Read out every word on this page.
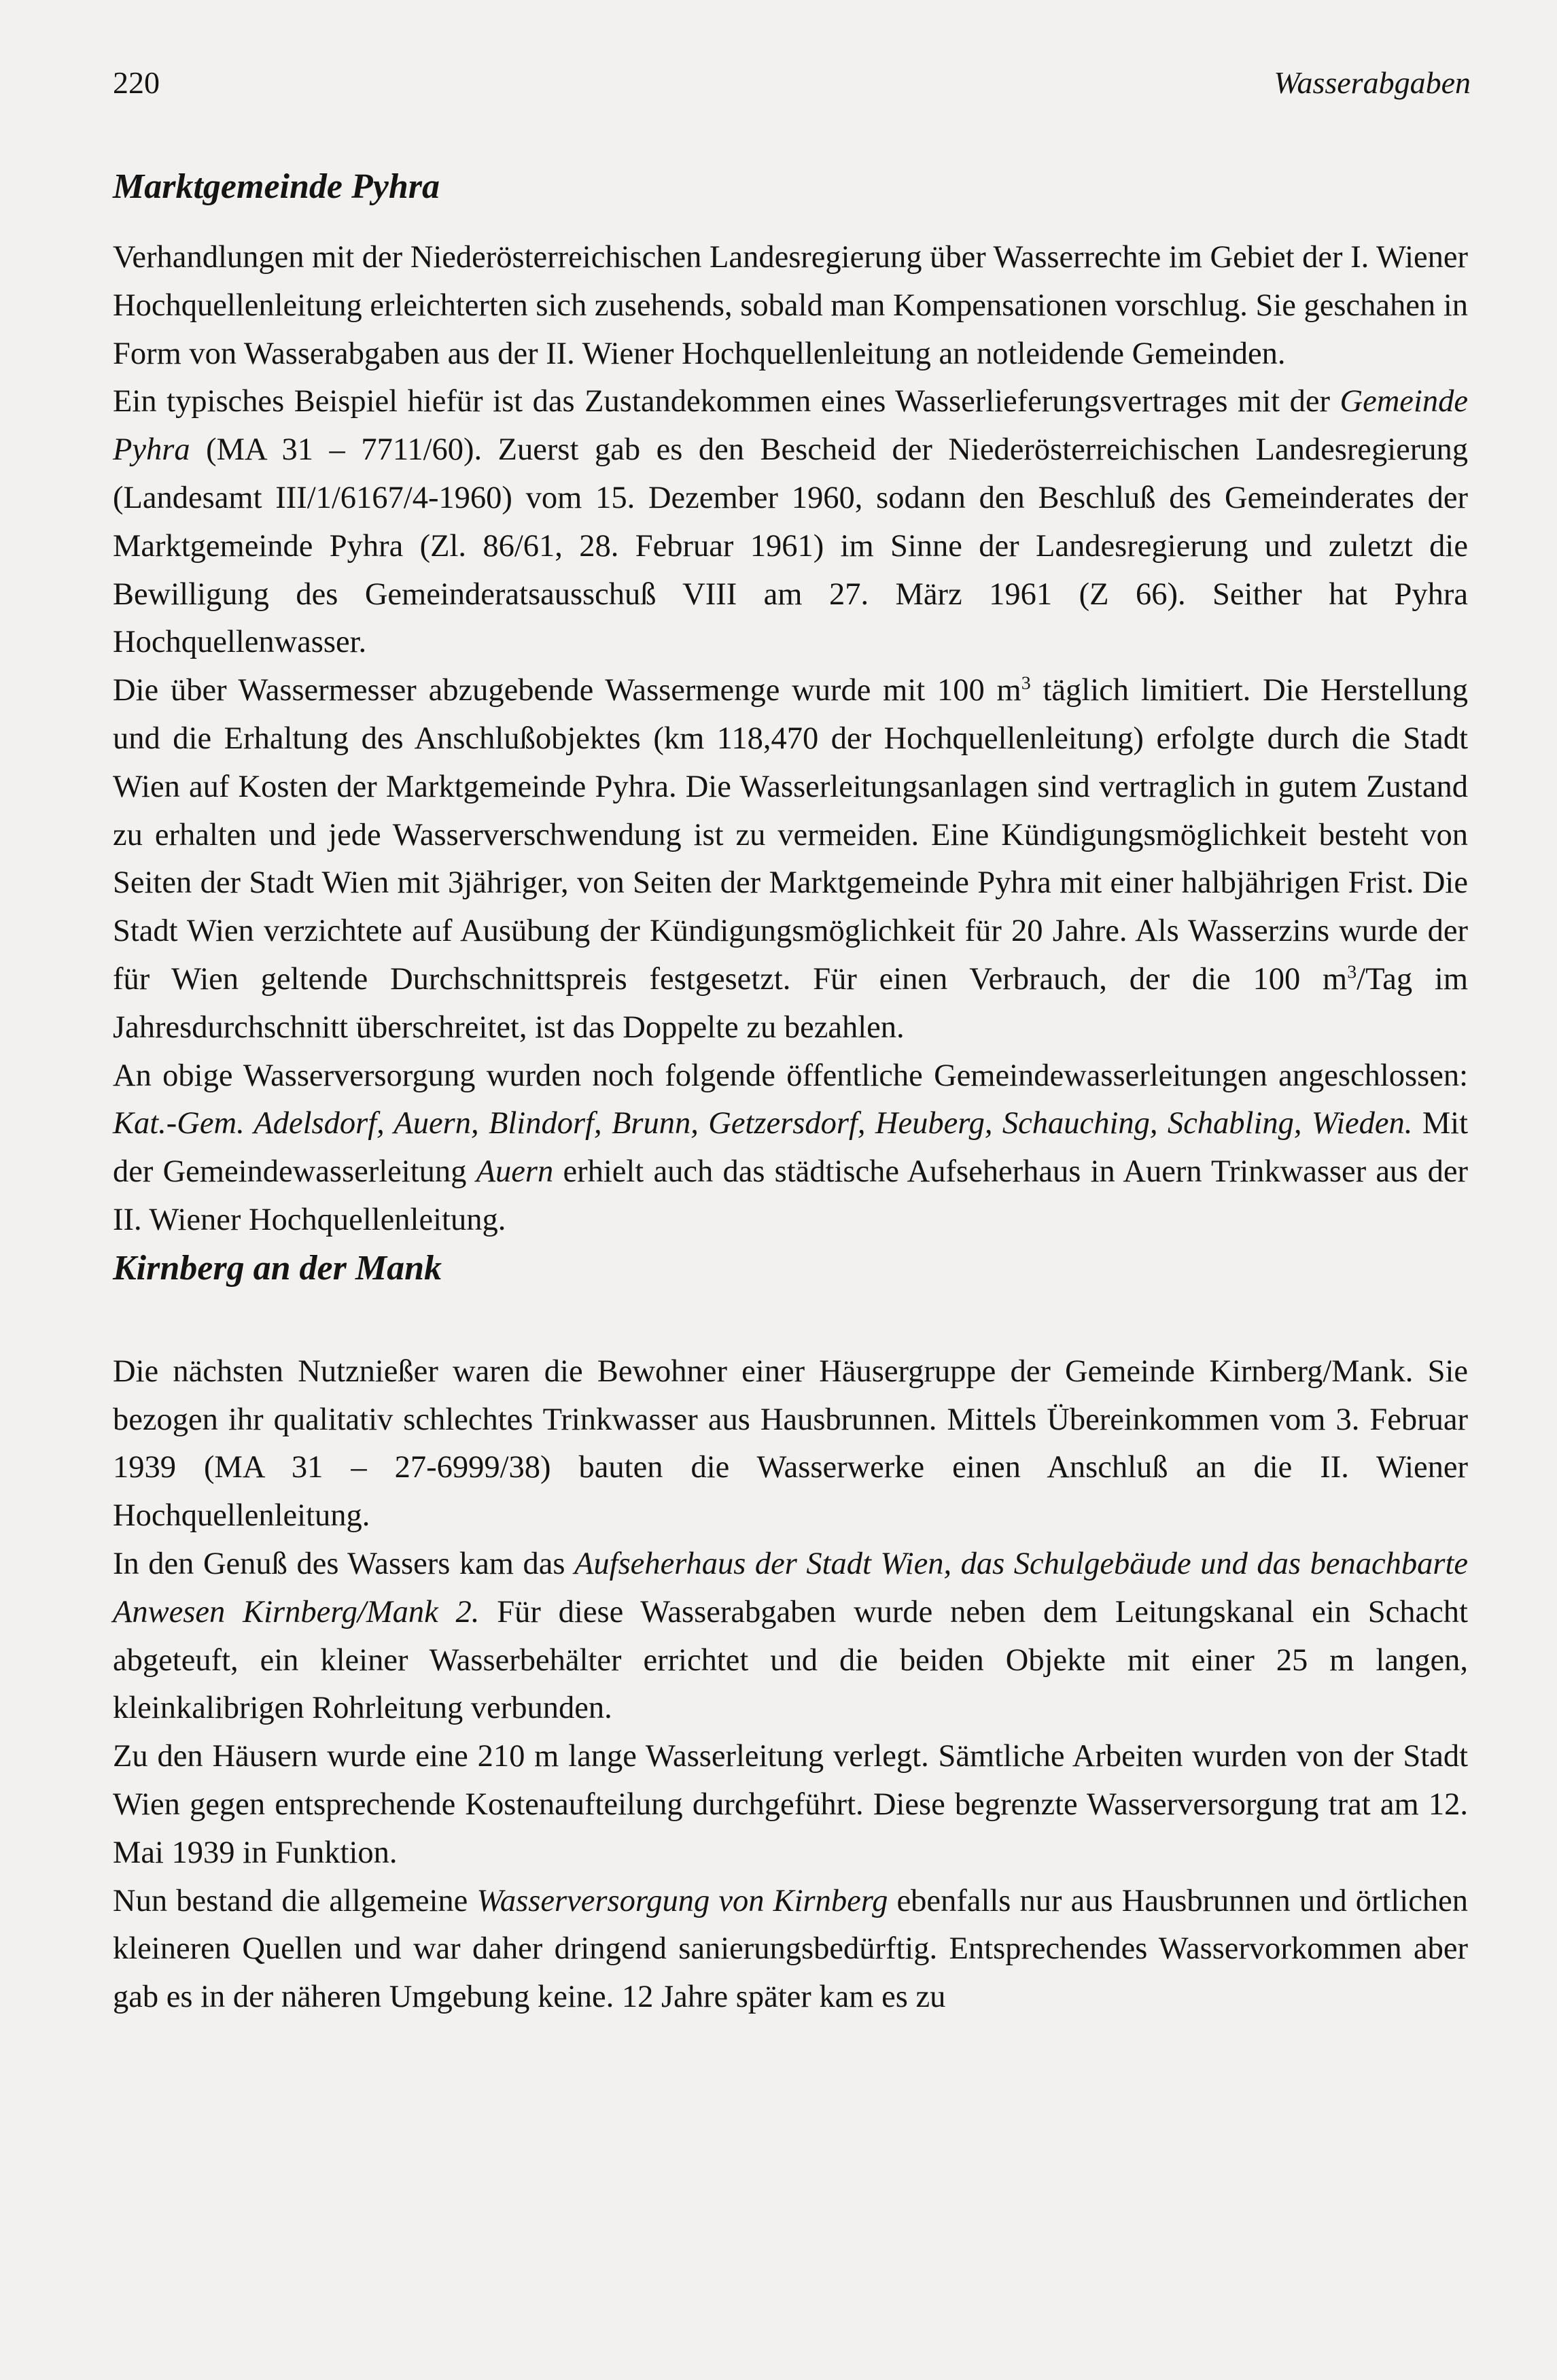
220	Wasserabgaben
Marktgemeinde Pyhra

Verhandlungen mit der Niederösterreichischen Landesregierung über Wasserrechte im Gebiet der I. Wiener Hochquellenleitung erleichterten sich zusehends, sobald man Kompensationen vorschlug. Sie geschahen in Form von Wasserabgaben aus der II. Wiener Hochquellenleitung an notleidende Gemeinden.

Ein typisches Beispiel hiefür ist das Zustandekommen eines Wasserlieferungsvertrages mit der Gemeinde Pyhra (MA 31 – 7711/60). Zuerst gab es den Bescheid der Niederösterreichischen Landesregierung (Landesamt III/1/6167/4-1960) vom 15. Dezember 1960, sodann den Beschluß des Gemeinderates der Marktgemeinde Pyhra (Zl. 86/61, 28. Februar 1961) im Sinne der Landesregierung und zuletzt die Bewilligung des Gemeinderatsausschuß VIII am 27. März 1961 (Z 66). Seither hat Pyhra Hochquellenwasser.

Die über Wassermesser abzugebende Wassermenge wurde mit 100 $m^3$ täglich limitiert. Die Herstellung und die Erhaltung des Anschlußobjektes (km 118,470 der Hochquellenleitung) erfolgte durch die Stadt Wien auf Kosten der Marktgemeinde Pyhra. Die Wasserleitungsanlagen sind vertraglich in gutem Zustand zu erhalten und jede Wasserverschwendung ist zu vermeiden. Eine Kündigungsmöglichkeit besteht von Seiten der Stadt Wien mit 3jähriger, von Seiten der Marktgemeinde Pyhra mit einer halbjährigen Frist. Die Stadt Wien verzichtete auf Ausübung der Kündigungsmöglichkeit für 20 Jahre. Als Wasserzins wurde der für Wien geltende Durchschnittspreis festgesetzt. Für einen Verbrauch, der die 100 $m^3$/Tag im Jahresdurchschnitt überschreitet, ist das Doppelte zu bezahlen.

An obige Wasserversorgung wurden noch folgende öffentliche Gemeindewasserleitungen angeschlossen: Kat.-Gem. Adelsdorf, Auern, Blindorf, Brunn, Getzersdorf, Heuberg, Schauching, Schabling, Wieden. Mit der Gemeindewasserleitung Auern erhielt auch das städtische Aufseherhaus in Auern Trinkwasser aus der II. Wiener Hochquellenleitung.

Kirnberg an der Mank

Die nächsten Nutznießer waren die Bewohner einer Häusergruppe der Gemeinde Kirnberg/Mank. Sie bezogen ihr qualitativ schlechtes Trinkwasser aus Hausbrunnen. Mittels Übereinkommen vom 3. Februar 1939 (MA 31 – 27-6999/38) bauten die Wasserwerke einen Anschluß an die II. Wiener Hochquellenleitung.

In den Genuß des Wassers kam das Aufseherhaus der Stadt Wien, das Schulgebäude und das benachbarte Anwesen Kirnberg/Mank 2. Für diese Wasserabgaben wurde neben dem Leitungskanal ein Schacht abgeteuft, ein kleiner Wasserbehälter errichtet und die beiden Objekte mit einer 25 m langen, kleinkalibrigen Rohrleitung verbunden.

Zu den Häusern wurde eine 210 m lange Wasserleitung verlegt. Sämtliche Arbeiten wurden von der Stadt Wien gegen entsprechende Kostenaufteilung durchgeführt. Diese begrenzte Wasserversorgung trat am 12. Mai 1939 in Funktion.

Nun bestand die allgemeine Wasserversorgung von Kirnberg ebenfalls nur aus Hausbrunnen und örtlichen kleineren Quellen und war daher dringend sanierungsbedürftig. Entsprechendes Wasservorkommen aber gab es in der näheren Umgebung keine. 12 Jahre später kam es zu
